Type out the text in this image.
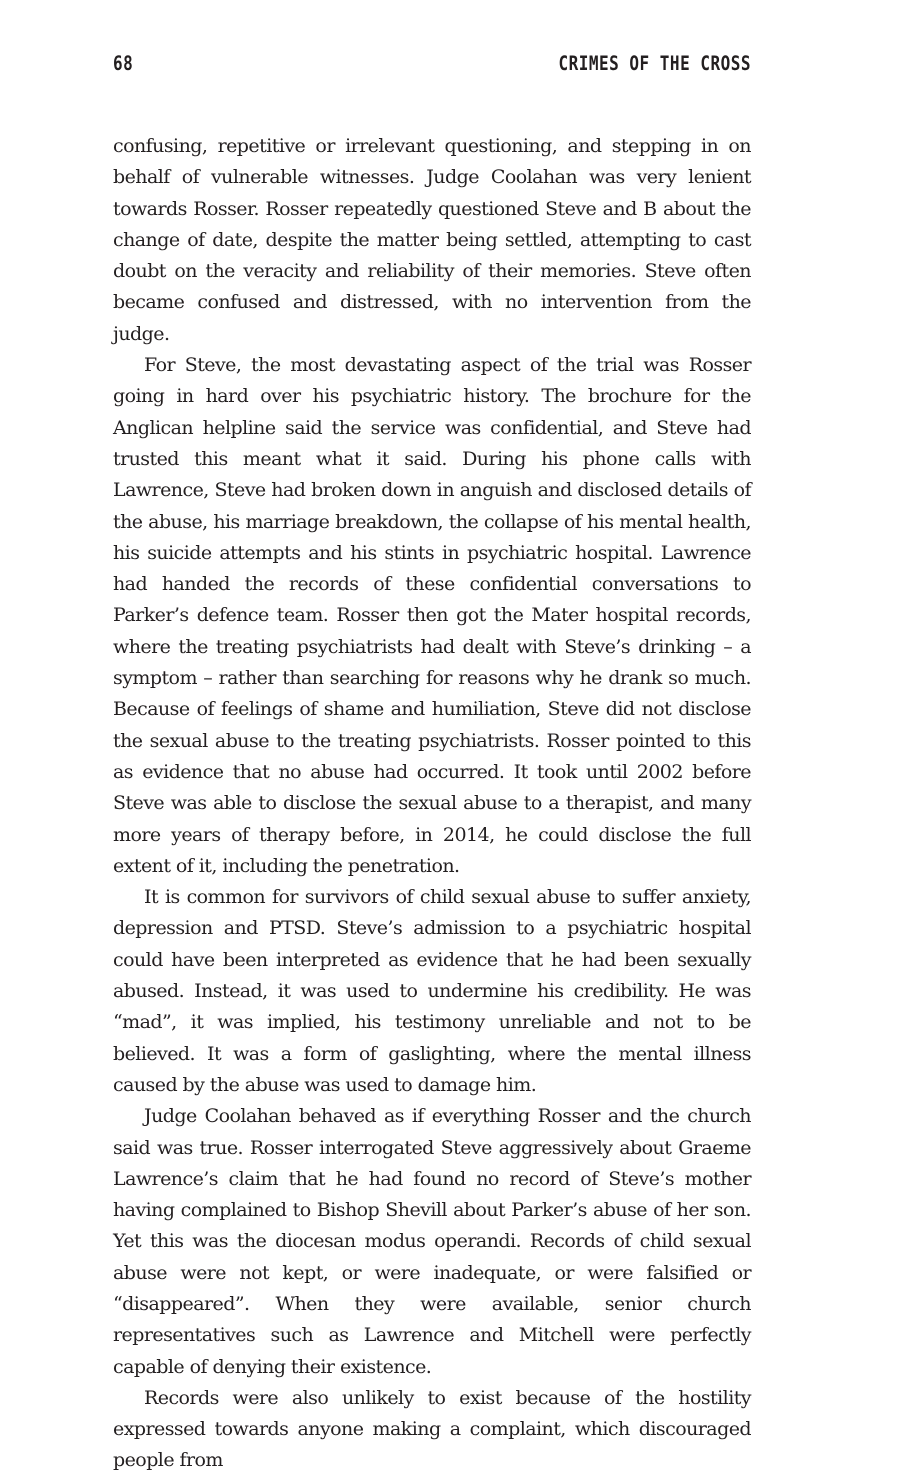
68	CRIMES OF THE CROSS

confusing, repetitive or irrelevant questioning, and stepping in on behalf of vulnerable witnesses. Judge Coolahan was very lenient towards Rosser. Rosser repeatedly questioned Steve and B about the change of date, despite the matter being settled, attempting to cast doubt on the veracity and reliability of their memories. Steve often became confused and distressed, with no intervention from the judge.

For Steve, the most devastating aspect of the trial was Rosser going in hard over his psychiatric history. The brochure for the Anglican helpline said the service was confidential, and Steve had trusted this meant what it said. During his phone calls with Lawrence, Steve had broken down in anguish and disclosed details of the abuse, his marriage breakdown, the collapse of his mental health, his suicide attempts and his stints in psychiatric hospital. Lawrence had handed the records of these confidential conversations to Parker’s defence team. Rosser then got the Mater hospital records, where the treating psychiatrists had dealt with Steve’s drinking – a symptom – rather than searching for reasons why he drank so much. Because of feelings of shame and humiliation, Steve did not disclose the sexual abuse to the treating psychiatrists. Rosser pointed to this as evidence that no abuse had occurred. It took until 2002 before Steve was able to disclose the sexual abuse to a therapist, and many more years of therapy before, in 2014, he could disclose the full extent of it, including the penetration.

It is common for survivors of child sexual abuse to suffer anxiety, depression and PTSD. Steve’s admission to a psychiatric hospital could have been interpreted as evidence that he had been sexually abused. Instead, it was used to undermine his credibility. He was “mad”, it was implied, his testimony unreliable and not to be believed. It was a form of gaslighting, where the mental illness caused by the abuse was used to damage him.

Judge Coolahan behaved as if everything Rosser and the church said was true. Rosser interrogated Steve aggressively about Graeme Lawrence’s claim that he had found no record of Steve’s mother having complained to Bishop Shevill about Parker’s abuse of her son. Yet this was the diocesan modus operandi. Records of child sexual abuse were not kept, or were inadequate, or were falsified or “disappeared”. When they were available, senior church representatives such as Lawrence and Mitchell were perfectly capable of denying their existence.

Records were also unlikely to exist because of the hostility expressed towards anyone making a complaint, which discouraged people from
